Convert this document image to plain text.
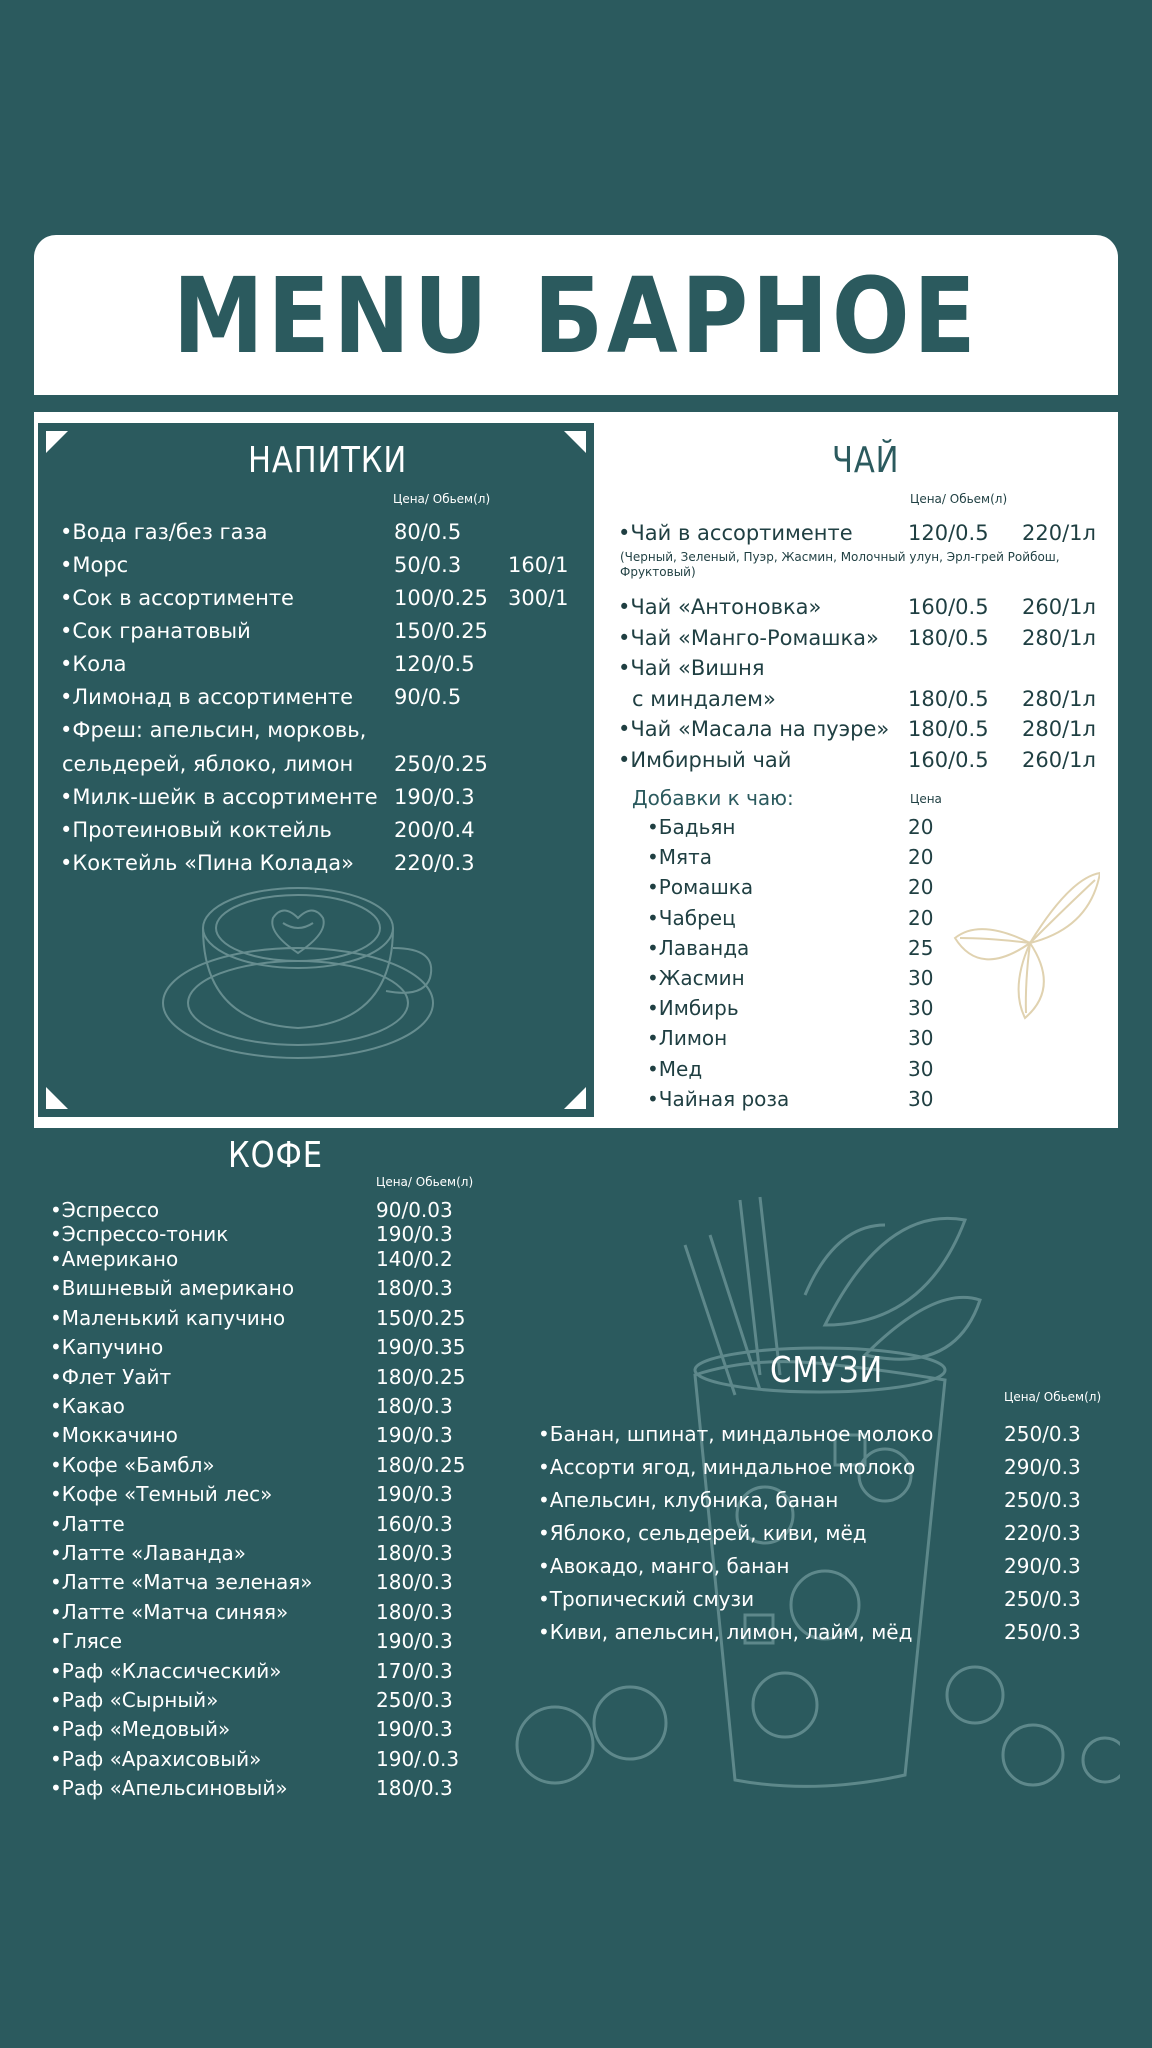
MENU БАРНОЕ
НАПИТКИ
Цена/ Обьем(л)
•Вода газ/без газа	80/0.5
•Морс	50/0.3 160/1
•Сок в ассортименте	100/0.25 300/1
•Сок гранатовый	150/0.25
•Кола	120/0.5
•Лимонад в ассортименте 90/0.5
•Фреш: апельсин, морковь,
сельдерей, яблоко, лимон 250/0.25
•Милк-шейк в ассортименте 190/0.3
•Протеиновый коктейль	200/0.4
•Коктейль «Пина Колада» 220/0.3
ЧАЙ
Цена/ Обьем(л)
•Чай в ассортименте	120/0.5 220/1л
•Чай «Антоновка»	160/0.5 260/1л
•Чай «Манго-Ромашка» 180/0.5 280/1л
•Чай «Вишня
с миндалем»	180/0.5 280/1л
•Чай «Масала на пуэре» 180/0.5 280/1л
•Имбирный чай	160/0.5 260/1л
(Черный, Зеленый, Пуэр, Жасмин, Молочный улун, Эрл-грей Ройбош, Фруктовый)
Добавки к чаю:	Цена
•Бадьян	20
•Мята	20
•Ромашка	20
•Чабрец	20
•Лаванда	25
•Жасмин	30
•Имбирь	30
•Лимон	30
•Мед	30
•Чайная роза	30
КОФЕ
Цена/ Обьем(л)
•Эспрессо	90/0.03
•Эспрессо-тоник	190/0.3
•Американо	140/0.2
•Вишневый американо	180/0.3
•Маленький капучино	150/0.25
•Капучино	190/0.35
•Флет Уайт	180/0.25
•Какао	180/0.3
•Моккачино	190/0.3
•Кофе «Бамбл»	180/0.25
•Кофе «Темный лес»	190/0.3
•Латте	160/0.3
•Латте «Лаванда»	180/0.3
•Латте «Матча зеленая»	180/0.3
•Латте «Матча синяя»	180/0.3
•Глясе	190/0.3
•Раф «Классический»	170/0.3
•Раф «Сырный»	250/0.3
•Раф «Медовый»	190/0.3
•Раф «Арахисовый»	190/.0.3
•Раф «Апельсиновый»	180/0.3
СМУЗИ
Цена/ Обьем(л)
•Банан, шпинат, миндальное молоко	250/0.3
•Ассорти ягод, миндальное молоко	290/0.3
•Апельсин, клубника, банан	250/0.3
•Яблоко, сельдерей, киви, мёд	220/0.3
•Авокадо, манго, банан	290/0.3
•Тропический смузи	250/0.3
•Киви, апельсин, лимон, лайм, мёд	250/0.3
